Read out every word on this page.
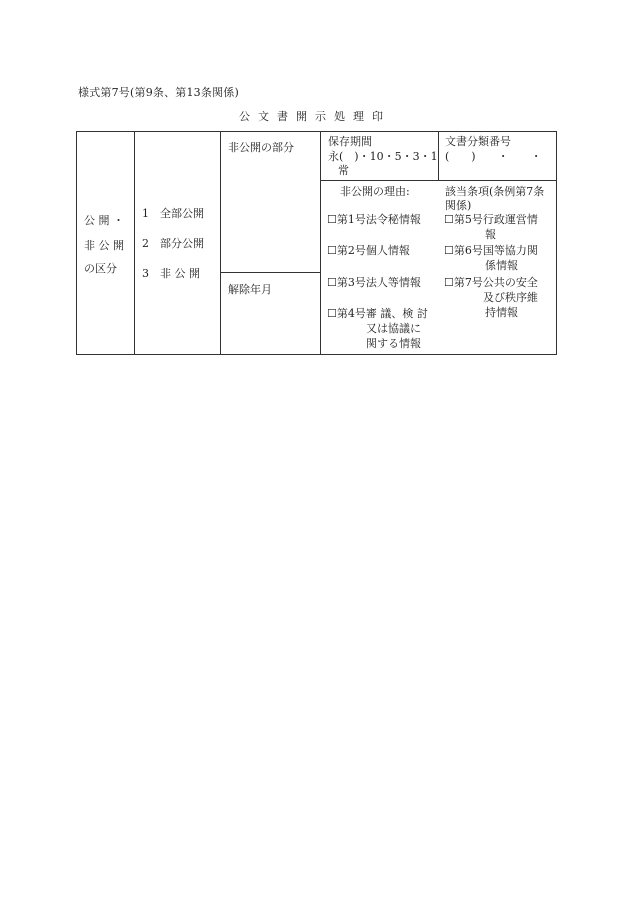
様式第7号(第9条、第13条関係)
公文書開示処理印
公 開 ・
非 公 開
の区分
1  全部公開
2  部分公開
3  非 公 開
非公開の部分
解除年月
保存期間
永(　)・10・5・3・1
常
文書分類番号
(　　)　　・　　・
非公開の理由:	該当条項(条例第7条
関係)
☐第1号法令秘情報
☐第2号個人情報
☐第3号法人等情報
☐第4号審 議、検 討
又は協議に
関する情報
☐第5号行政運営情
報
☐第6号国等協力関
係情報
☐第7号公共の安全
及び秩序維
持情報
